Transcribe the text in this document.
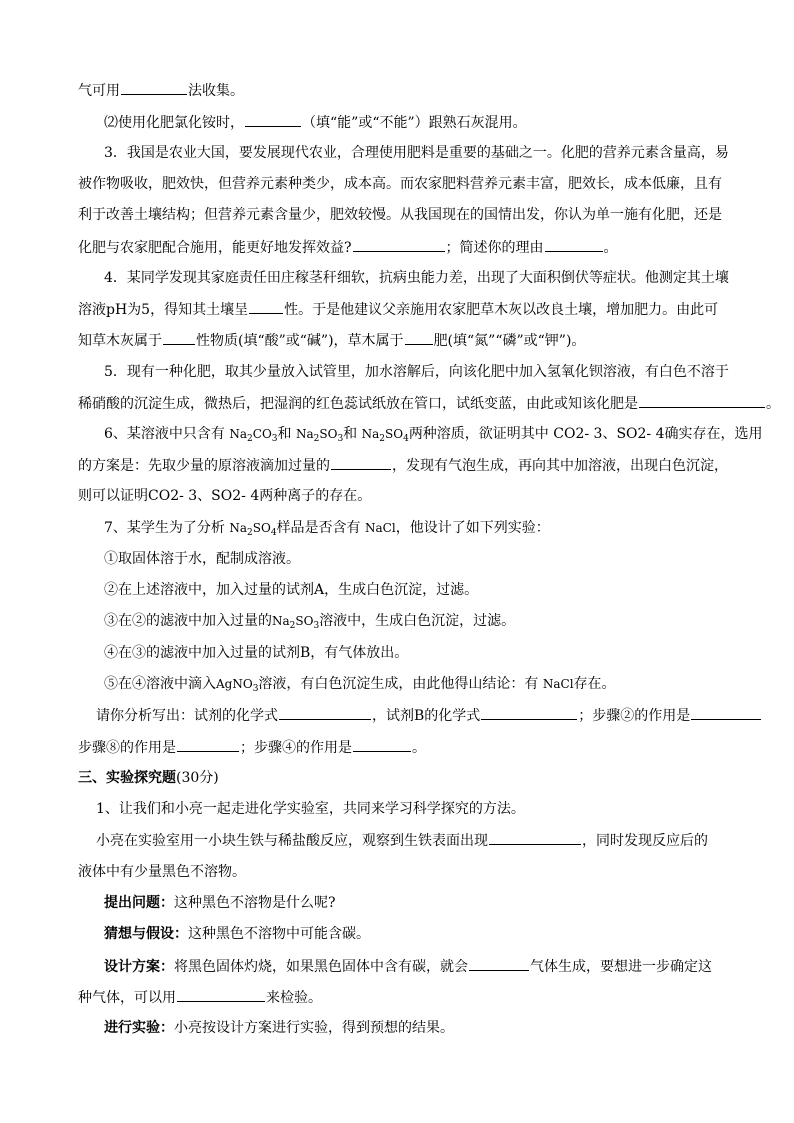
气可用	法收集。
⑵使用化肥氯化铵时，	（填“能”或“不能”）跟熟石灰混用。
3．我国是农业大国，要发展现代农业，合理使用肥料是重要的基础之一。化肥的营养元素含量高，易
被作物吸收，肥效快，但营养元素种类少，成本高。而农家肥料营养元素丰富，肥效长，成本低廉，且有
利于改善土壤结构；但营养元素含量少，肥效较慢。从我国现在的国情出发，你认为单一施有化肥，还是
化肥与农家肥配合施用，能更好地发挥效益?	；简述你的理由	。
4．某同学发现其家庭责任田庄稼茎秆细软，抗病虫能力差，出现了大面积倒伏等症状。他测定其土壤
溶液pH为5，得知其土壤呈	性。于是他建议父亲施用农家肥草木灰以改良土壤，增加肥力。由此可
知草木灰属于 性物质(填“酸”或“碱”)，草木属于 肥(填“氮”“磷”或“钾”)。
5．现有一种化肥，取其少量放入试管里，加水溶解后，向该化肥中加入氢氧化钡溶液，有白色不溶于
稀硝酸的沉淀生成，微热后，把湿润的红色蕊试纸放在管口，试纸变蓝，由此或知该化肥是	。
6、某溶液中只含有 $Na_2CO_3$和 $Na_2SO_3$和 $Na_2SO_4$两种溶质，欲证明其中 CO2- 3、SO2- 4确实存在，选用
的方案是：先取少量的原溶液滴加过量的	，发现有气泡生成，再向其中加溶液，出现白色沉淀，
则可以证明CO2- 3、SO2- 4两种离子的存在。
7、某学生为了分析 $Na_2SO_4$样品是否含有 NaCl，他设计了如下列实验：
①取固体溶于水，配制成溶液。
②在上述溶液中，加入过量的试剂A，生成白色沉淀，过滤。
③在②的滤液中加入过量的$Na_2SO_3$溶液中，生成白色沉淀，过滤。
④在③的滤液中加入过量的试剂B，有气体放出。
⑤在④溶液中滴入AgNO$_3$溶液，有白色沉淀生成，由此他得山结论：有 NaCl存在。
请你分析写出：试剂的化学式	，试剂B的化学式	；步骤②的作用是
步骤⑧的作用是	；步骤④的作用是	。
三、实验探究题(30分)
1、让我们和小亮一起走进化学实验室，共同来学习科学探究的方法。
小亮在实验室用一小块生铁与稀盐酸反应，观察到生铁表面出现	，同时发现反应后的
液体中有少量黑色不溶物。
提出问题：这种黑色不溶物是什么呢?
猜想与假设：这种黑色不溶物中可能含碳。
设计方案：将黑色固体灼烧，如果黑色固体中含有碳，就会	气体生成，要想进一步确定这
种气体，可以用	来检验。
进行实验：小亮按设计方案进行实验，得到预想的结果。
